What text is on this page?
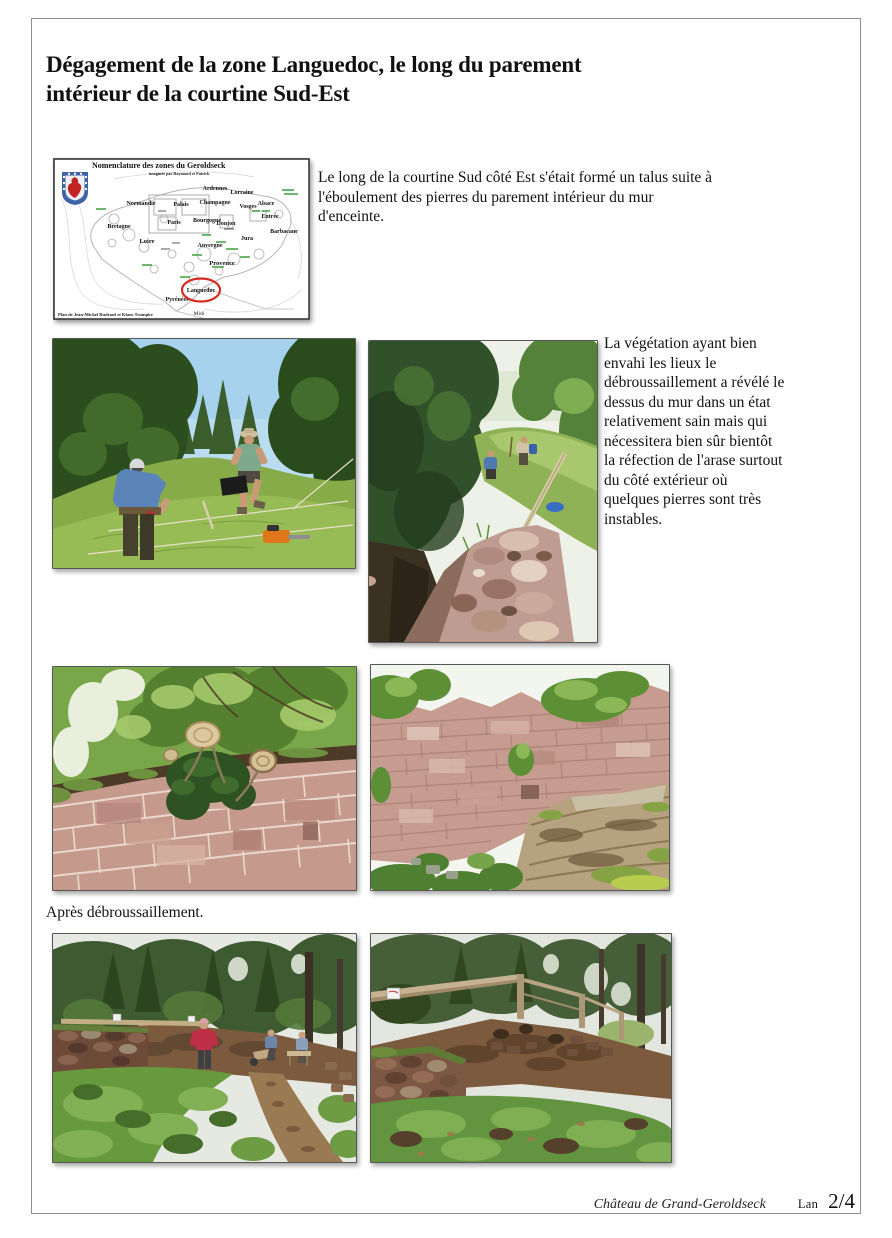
Dégagement de la zone Languedoc, le long du parement
intérieur de la courtine Sud-Est
Nomenclature des zones du Geroldseck
imaginée par Raymond et Patrick
Ardennes
Lorraine
Champagne
Normandie	Palais	Vosges Alsace
Entrée
Bretagne
Paris Bourgogne
Donjon
Barbacane
Loire
Auvergne
Jura
Provence
Languedoc
Pyrénées
Midi
Plan de Jean-Michel Rudrauf et Klaus Trumpke
Le long de la courtine Sud côté Est s'était formé un talus suite à
l'éboulement des pierres du parement intérieur du mur
d'enceinte.
La végétation ayant bien
envahi les lieux le
débroussaillement a révélé le
dessus du mur dans un état
relativement sain mais qui
nécessitera bien sûr bientôt
la réfection de l'arase surtout
du côté extérieur où
quelques pierres sont très
instables.
Après débroussaillement.
Château de Grand-Geroldseck	Lan 2/4
